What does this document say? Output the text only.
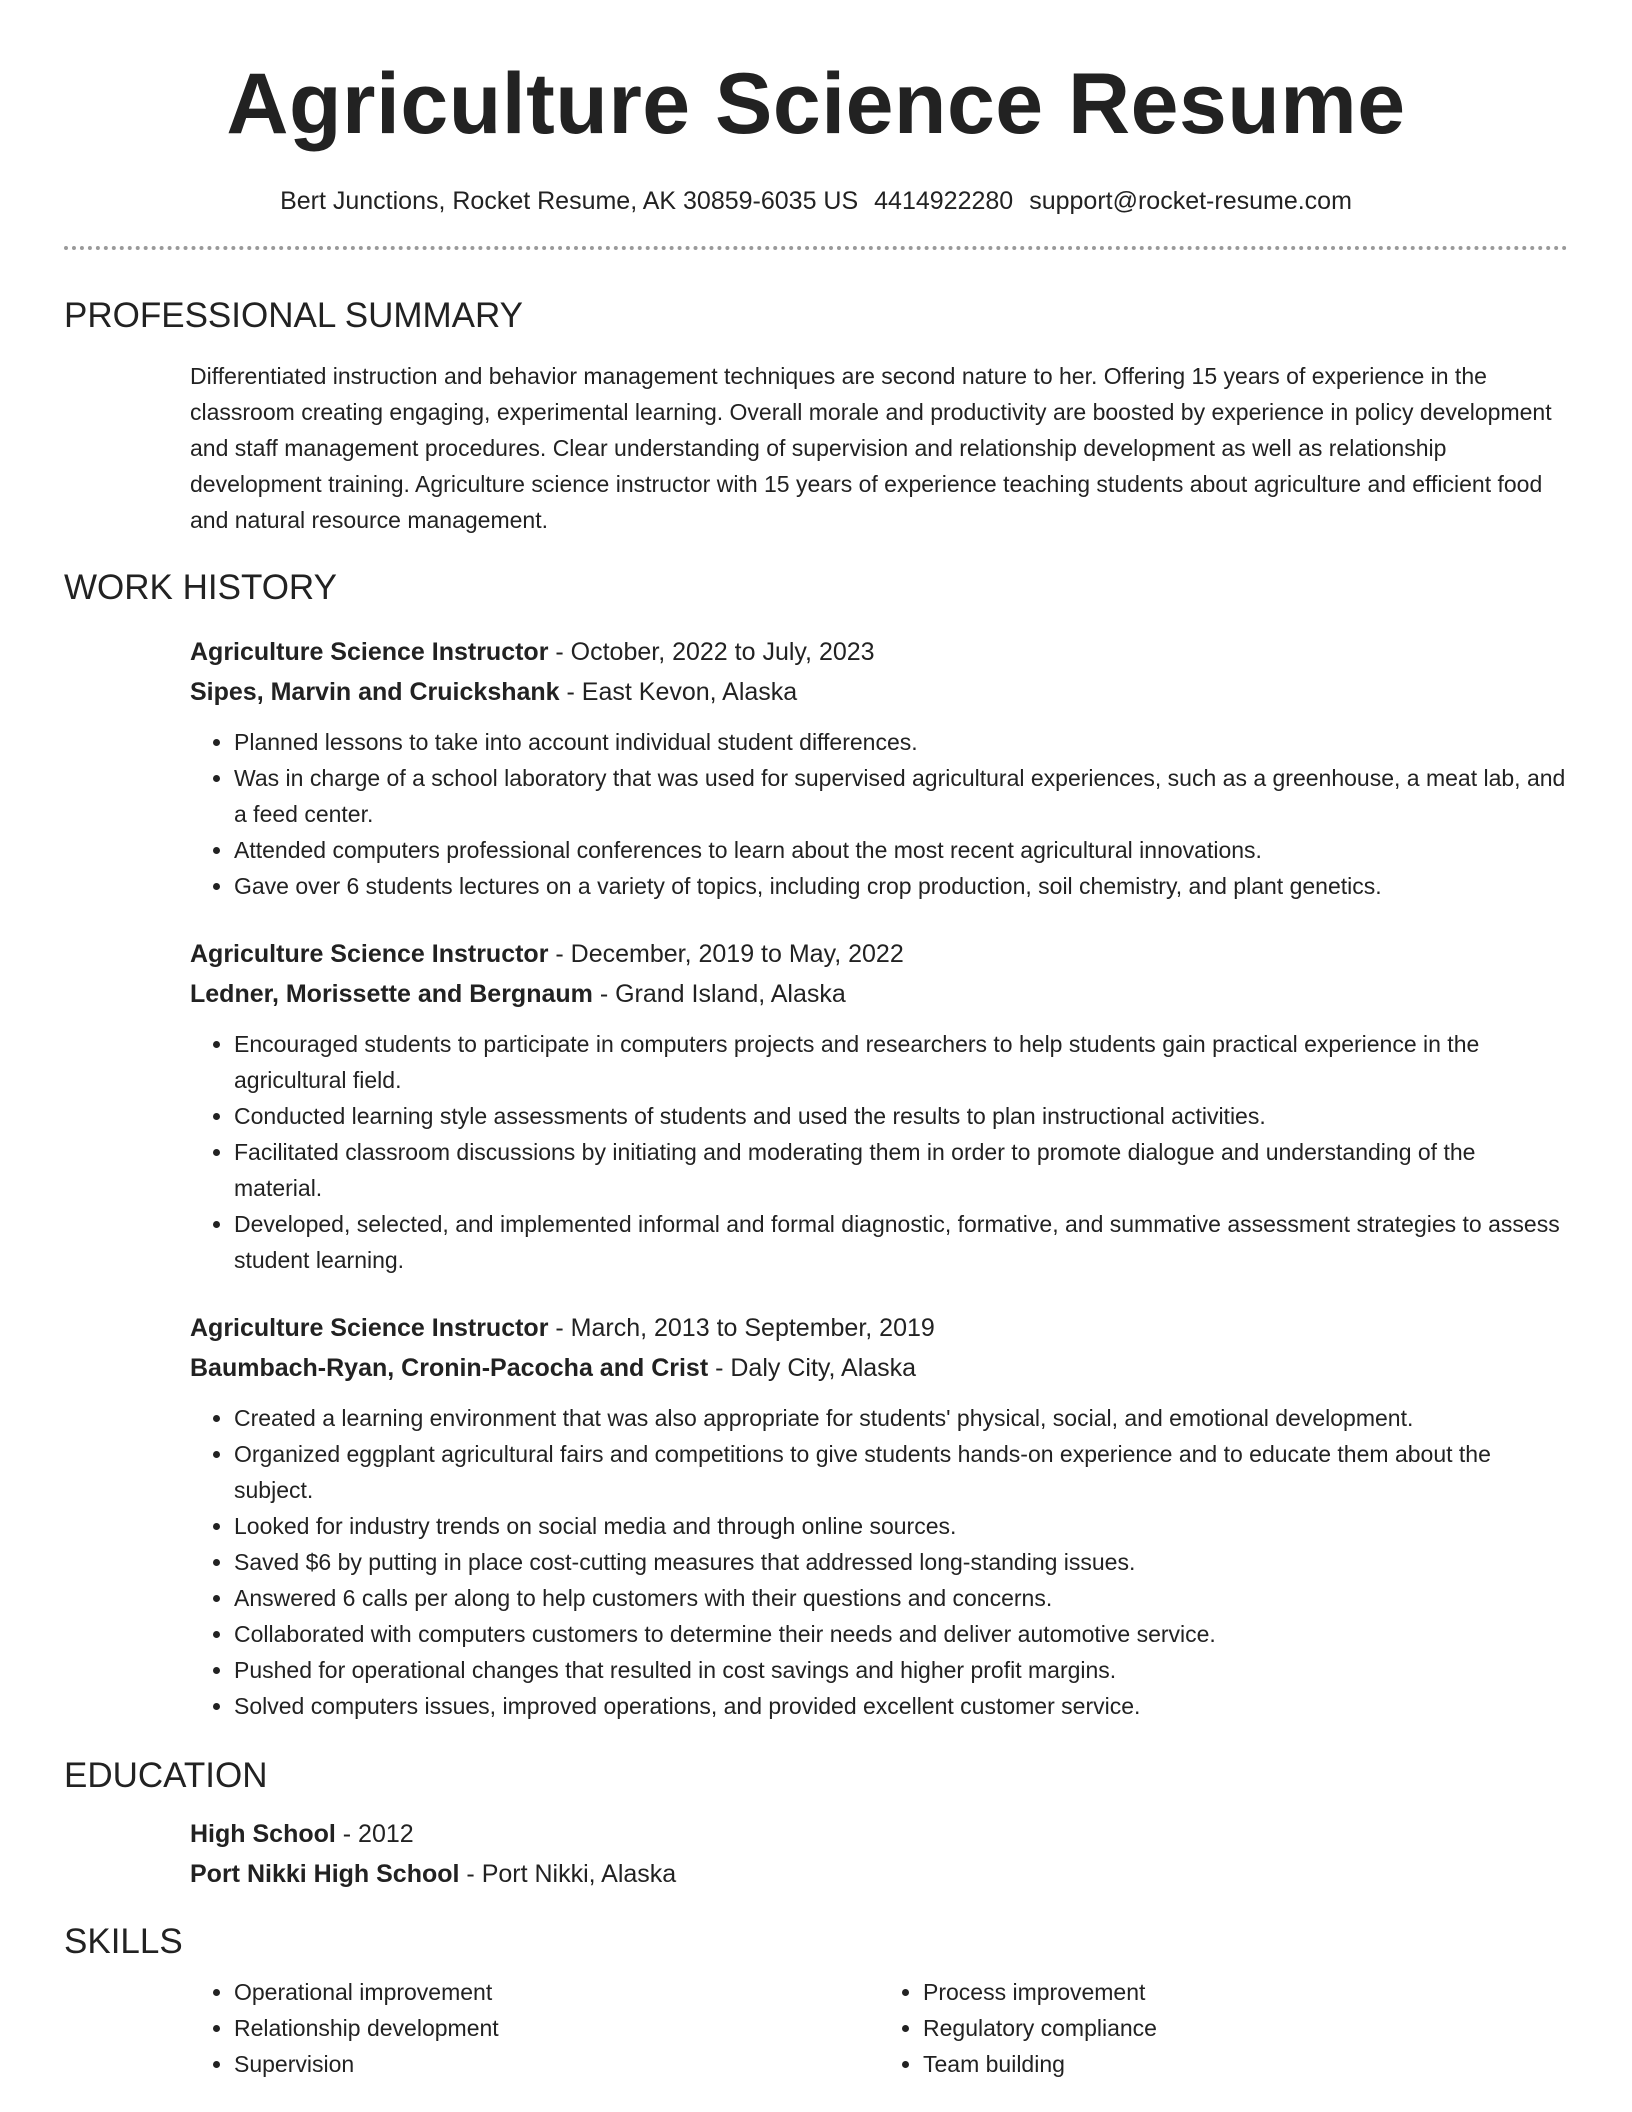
Agriculture Science Resume
Bert Junctions, Rocket Resume, AK 30859-6035 US 4414922280 support@rocket-resume.com
PROFESSIONAL SUMMARY
Differentiated instruction and behavior management techniques are second nature to her. Offering 15 years of experience in the classroom creating engaging, experimental learning. Overall morale and productivity are boosted by experience in policy development and staff management procedures. Clear understanding of supervision and relationship development as well as relationship development training. Agriculture science instructor with 15 years of experience teaching students about agriculture and efficient food and natural resource management.
WORK HISTORY
Agriculture Science Instructor - October, 2022 to July, 2023
Sipes, Marvin and Cruickshank - East Kevon, Alaska
• Planned lessons to take into account individual student differences.
• Was in charge of a school laboratory that was used for supervised agricultural experiences, such as a greenhouse, a meat lab, and a feed center.
• Attended computers professional conferences to learn about the most recent agricultural innovations.
• Gave over 6 students lectures on a variety of topics, including crop production, soil chemistry, and plant genetics.
Agriculture Science Instructor - December, 2019 to May, 2022
Ledner, Morissette and Bergnaum - Grand Island, Alaska
• Encouraged students to participate in computers projects and researchers to help students gain practical experience in the agricultural field.
• Conducted learning style assessments of students and used the results to plan instructional activities.
• Facilitated classroom discussions by initiating and moderating them in order to promote dialogue and understanding of the material.
• Developed, selected, and implemented informal and formal diagnostic, formative, and summative assessment strategies to assess student learning.
Agriculture Science Instructor - March, 2013 to September, 2019
Baumbach-Ryan, Cronin-Pacocha and Crist - Daly City, Alaska
• Created a learning environment that was also appropriate for students' physical, social, and emotional development.
• Organized eggplant agricultural fairs and competitions to give students hands-on experience and to educate them about the subject.
• Looked for industry trends on social media and through online sources.
• Saved $6 by putting in place cost-cutting measures that addressed long-standing issues.
• Answered 6 calls per along to help customers with their questions and concerns.
• Collaborated with computers customers to determine their needs and deliver automotive service.
• Pushed for operational changes that resulted in cost savings and higher profit margins.
• Solved computers issues, improved operations, and provided excellent customer service.
EDUCATION
High School - 2012
Port Nikki High School - Port Nikki, Alaska
SKILLS
• Operational improvement
• Relationship development
• Supervision
• Process improvement
• Regulatory compliance
• Team building
